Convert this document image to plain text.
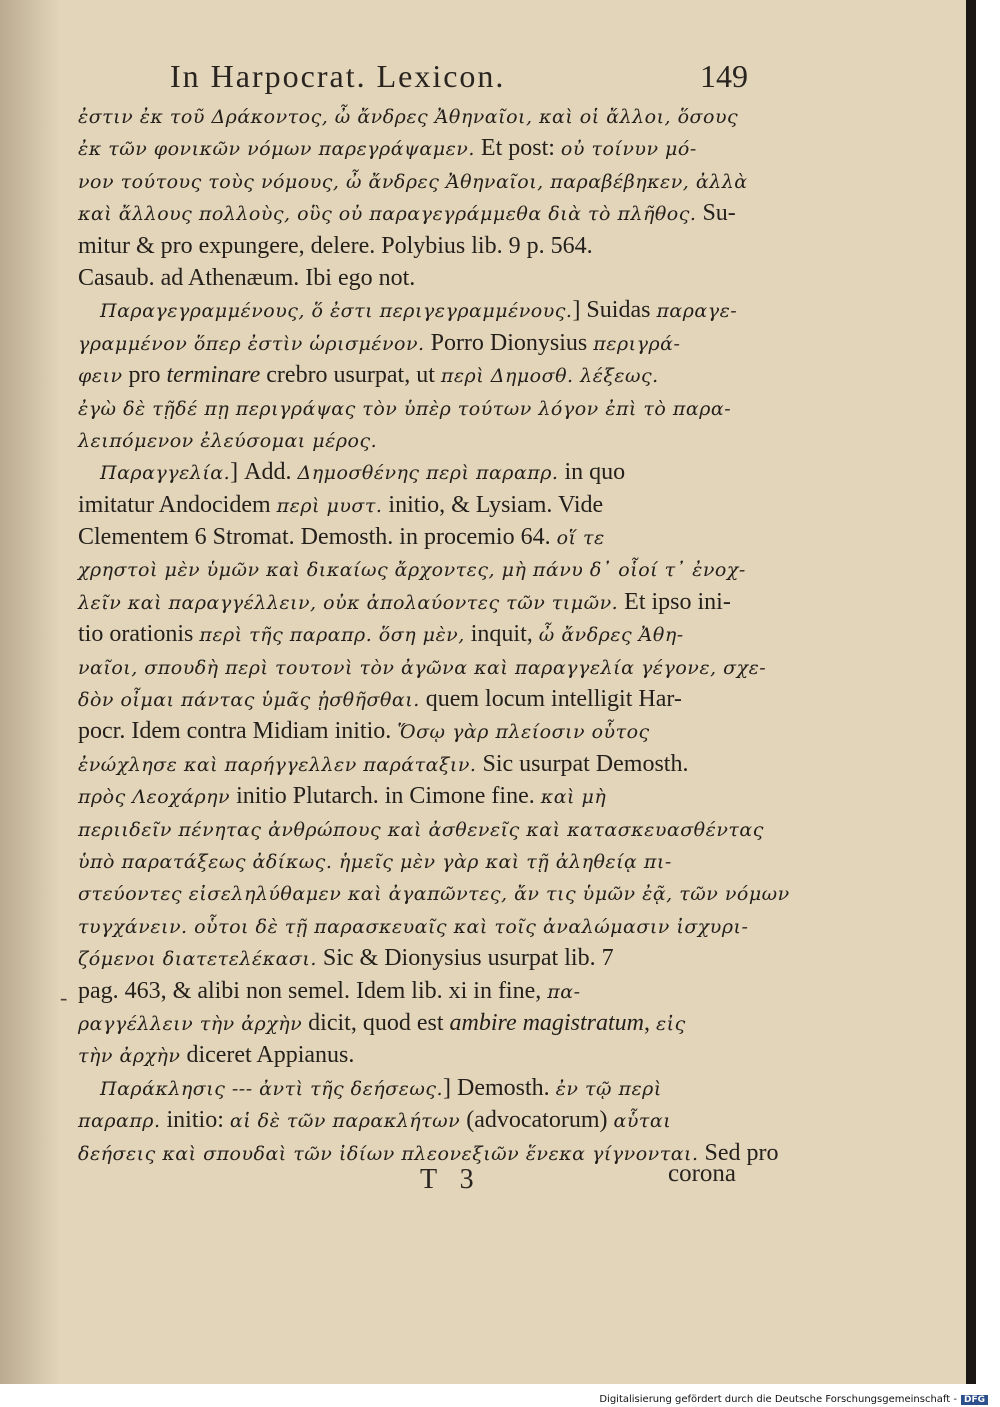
In Harpocrat. Lexicon.	149
ἐστιν ἐκ τοῦ Δράκοντος, ὦ ἄνδρες Ἀθηναῖοι, καὶ οἱ ἄλλοι, ὅσους
ἐκ τῶν φονικῶν νόμων παρεγράψαμεν. Et post: οὐ τοίνυν μό-
νον τούτους τοὺς νόμους, ὦ ἄνδρες Ἀθηναῖοι, παραβέβηκεν, ἀλλὰ
καὶ ἄλλους πολλοὺς, οὓς οὐ παραγεγράμμεθα διὰ τὸ πλῆθος. Su-
mitur & pro expungere, delere. Polybius lib. 9 p. 564.
Casaub. ad Athenæum. Ibi ego not.
Παραγεγραμμένους, ὅ ἐστι περιγεγραμμένους.] Suidas παραγε-
γραμμένον ὅπερ ἐστὶν ὡρισμένον. Porro Dionysius περιγρά-
φειν pro terminare crebro usurpat, ut περὶ Δημοσθ. λέξεως.
ἐγὼ δὲ τῇδέ πῃ περιγράψας τὸν ὑπὲρ τούτων λόγον ἐπὶ τὸ παρα-
λειπόμενον ἐλεύσομαι μέρος.
Παραγγελία.] Add. Δημοσθένης περὶ παραπρ. in quo
imitatur Andocidem περὶ μυστ. initio, & Lysiam. Vide
Clementem 6 Stromat. Demosth. in procemio 64. οἵ τε
χρηστοὶ μὲν ὑμῶν καὶ δικαίως ἄρχοντες, μὴ πάνυ δ᾽ οἷοί τ᾽ ἐνοχ-
λεῖν καὶ παραγγέλλειν, οὐκ ἀπολαύοντες τῶν τιμῶν. Et ipso ini-
tio orationis περὶ τῆς παραπρ. ὅση μὲν, inquit, ὦ ἄνδρες Ἀθη-
ναῖοι, σπουδὴ περὶ τουτονὶ τὸν ἀγῶνα καὶ παραγγελία γέγονε, σχε-
δὸν οἶμαι πάντας ὑμᾶς ᾐσθῆσθαι. quem locum intelligit Har-
pocr. Idem contra Midiam initio. Ὅσῳ γὰρ πλείοσιν οὗτος
ἐνώχλησε καὶ παρήγγελλεν παράταξιν. Sic usurpat Demosth.
πρὸς Λεοχάρην initio Plutarch. in Cimone fine. καὶ μὴ
περιιδεῖν πένητας ἀνθρώπους καὶ ἀσθενεῖς καὶ κατασκευασθέντας
ὑπὸ παρατάξεως ἀδίκως. ἡμεῖς μὲν γὰρ καὶ τῇ ἀληθείᾳ πι-
στεύοντες εἰσεληλύθαμεν καὶ ἀγαπῶντες, ἄν τις ὑμῶν ἐᾷ, τῶν νόμων
τυγχάνειν. οὗτοι δὲ τῇ παρασκευαῖς καὶ τοῖς ἀναλώμασιν ἰσχυρι-
ζόμενοι διατετελέκασι. Sic & Dionysius usurpat lib. 7
pag. 463, & alibi non semel. Idem lib. xi in fine, πα-
ραγγέλλειν τὴν ἀρχὴν dicit, quod est ambire magistratum, εἰς
τὴν ἀρχὴν diceret Appianus.
Παράκλησις --- ἀντὶ τῆς δεήσεως.] Demosth. ἐν τῷ περὶ
παραπρ. initio: αἱ δὲ τῶν παρακλήτων (advocatorum) αὗται
δεήσεις καὶ σπουδαὶ τῶν ἰδίων πλεονεξιῶν ἕνεκα γίγνονται. Sed pro
-
T 3	corona
Digitalisierung gefördert durch die Deutsche Forschungsgemeinschaft - DFG
